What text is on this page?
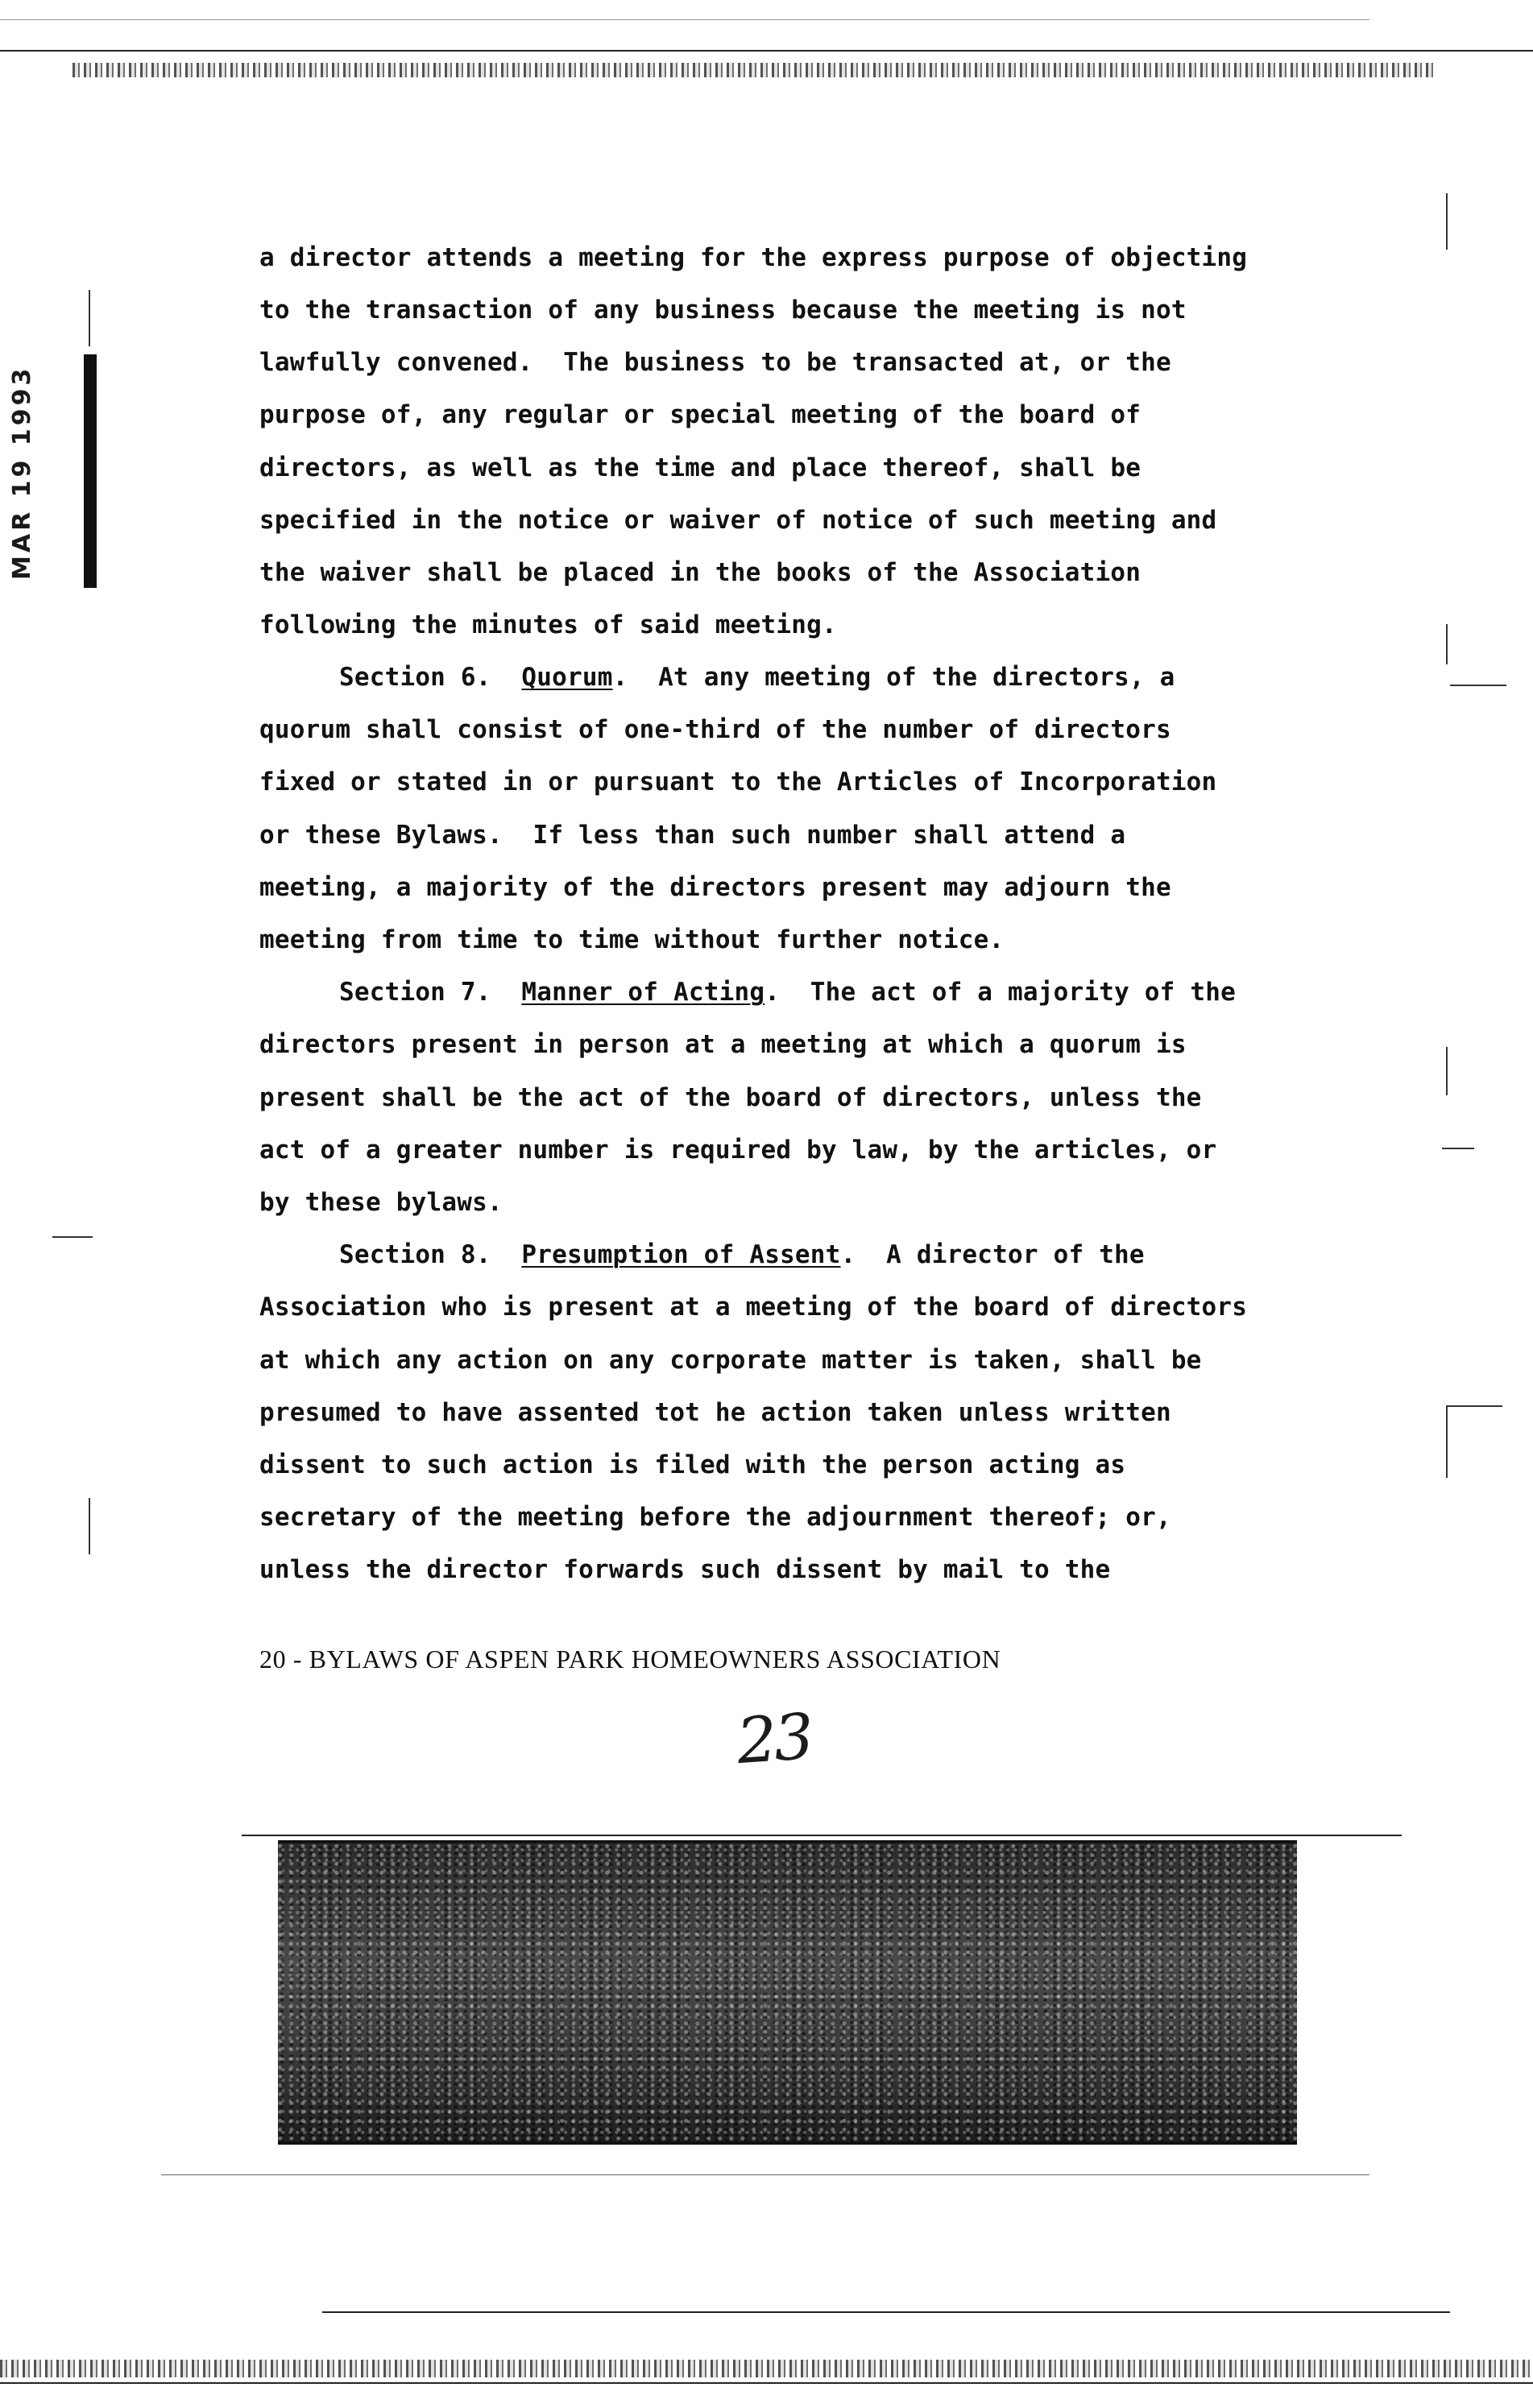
MAR 19 1993
a director attends a meeting for the express purpose of objecting
to the transaction of any business because the meeting is not
lawfully convened.  The business to be transacted at, or the
purpose of, any regular or special meeting of the board of
directors, as well as the time and place thereof, shall be
specified in the notice or waiver of notice of such meeting and
the waiver shall be placed in the books of the Association
following the minutes of said meeting.
Section 6.  Quorum.  At any meeting of the directors, a
quorum shall consist of one-third of the number of directors
fixed or stated in or pursuant to the Articles of Incorporation
or these Bylaws.  If less than such number shall attend a
meeting, a majority of the directors present may adjourn the
meeting from time to time without further notice.
Section 7.  Manner of Acting.  The act of a majority of the
directors present in person at a meeting at which a quorum is
present shall be the act of the board of directors, unless the
act of a greater number is required by law, by the articles, or
by these bylaws.
Section 8.  Presumption of Assent.  A director of the
Association who is present at a meeting of the board of directors
at which any action on any corporate matter is taken, shall be
presumed to have assented tot he action taken unless written
dissent to such action is filed with the person acting as
secretary of the meeting before the adjournment thereof; or,
unless the director forwards such dissent by mail to the
20 - BYLAWS OF ASPEN PARK HOMEOWNERS ASSOCIATION
23
